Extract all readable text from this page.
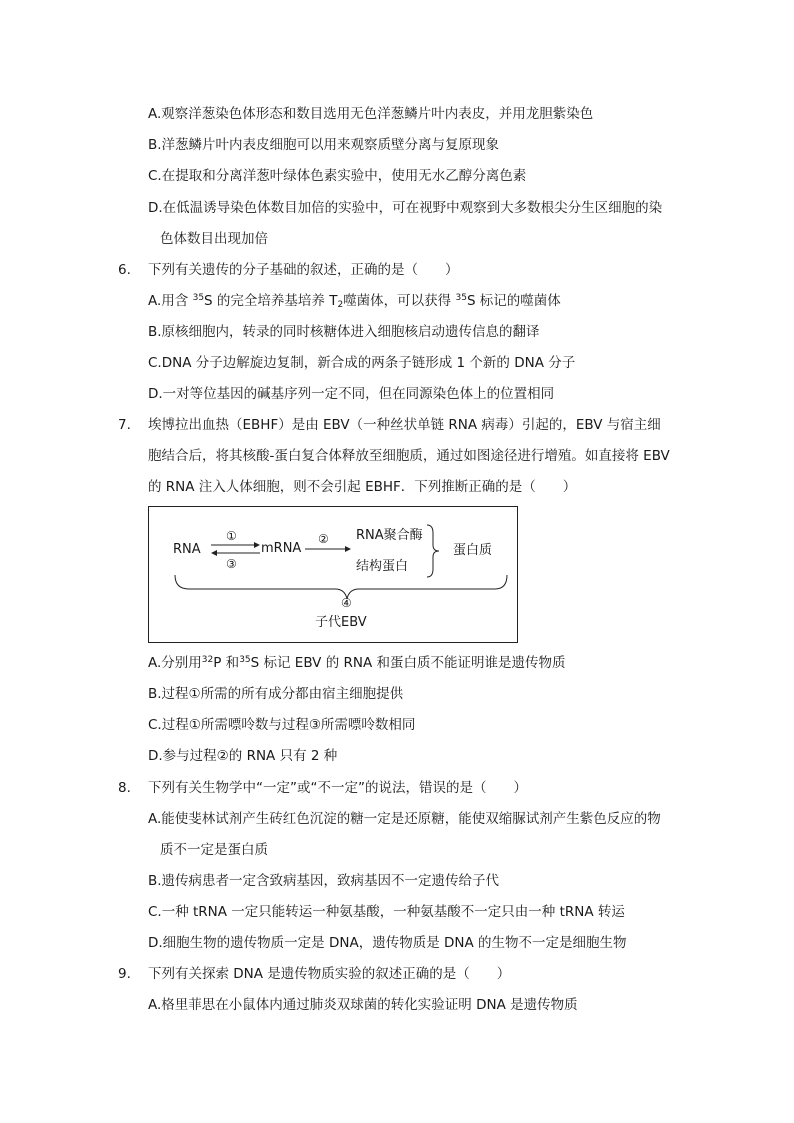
A.观察洋葱染色体形态和数目选用无色洋葱鳞片叶内表皮，并用龙胆紫染色
B.洋葱鳞片叶内表皮细胞可以用来观察质壁分离与复原现象
C.在提取和分离洋葱叶绿体色素实验中，使用无水乙醇分离色素
D.在低温诱导染色体数目加倍的实验中，可在视野中观察到大多数根尖分生区细胞的染
色体数目出现加倍
6. 下列有关遗传的分子基础的叙述，正确的是（　　）
A.用含 $^{35}$S 的完全培养基培养 $T_2$噬菌体，可以获得 $^{35}$S 标记的噬菌体
B.原核细胞内，转录的同时核糖体进入细胞核启动遗传信息的翻译
C.DNA 分子边解旋边复制，新合成的两条子链形成 1 个新的 DNA 分子
D.一对等位基因的碱基序列一定不同，但在同源染色体上的位置相同
7. 埃博拉出血热（EBHF）是由 EBV（一种丝状单链 RNA 病毒）引起的，EBV 与宿主细
胞结合后，将其核酸-蛋白复合体释放至细胞质，通过如图途径进行增殖。如直接将 EBV
的 RNA 注入人体细胞，则不会引起 EBHF．下列推断正确的是（　　）
RNA	mRNA
①
③
② RNA聚合酶
结构蛋白
蛋白质
④
子代EBV
A.分别用$^{32}$P 和$^{35}$S 标记 EBV 的 RNA 和蛋白质不能证明谁是遗传物质
B.过程①所需的所有成分都由宿主细胞提供
C.过程①所需嘌呤数与过程③所需嘌呤数相同
D.参与过程②的 RNA 只有 2 种
8. 下列有关生物学中“一定”或“不一定”的说法，错误的是（　　）
A.能使斐林试剂产生砖红色沉淀的糖一定是还原糖，能使双缩脲试剂产生紫色反应的物
质不一定是蛋白质
B.遗传病患者一定含致病基因，致病基因不一定遗传给子代
C.一种 tRNA 一定只能转运一种氨基酸，一种氨基酸不一定只由一种 tRNA 转运
D.细胞生物的遗传物质一定是 DNA，遗传物质是 DNA 的生物不一定是细胞生物
9. 下列有关探索 DNA 是遗传物质实验的叙述正确的是（　　）
A.格里菲思在小鼠体内通过肺炎双球菌的转化实验证明 DNA 是遗传物质
